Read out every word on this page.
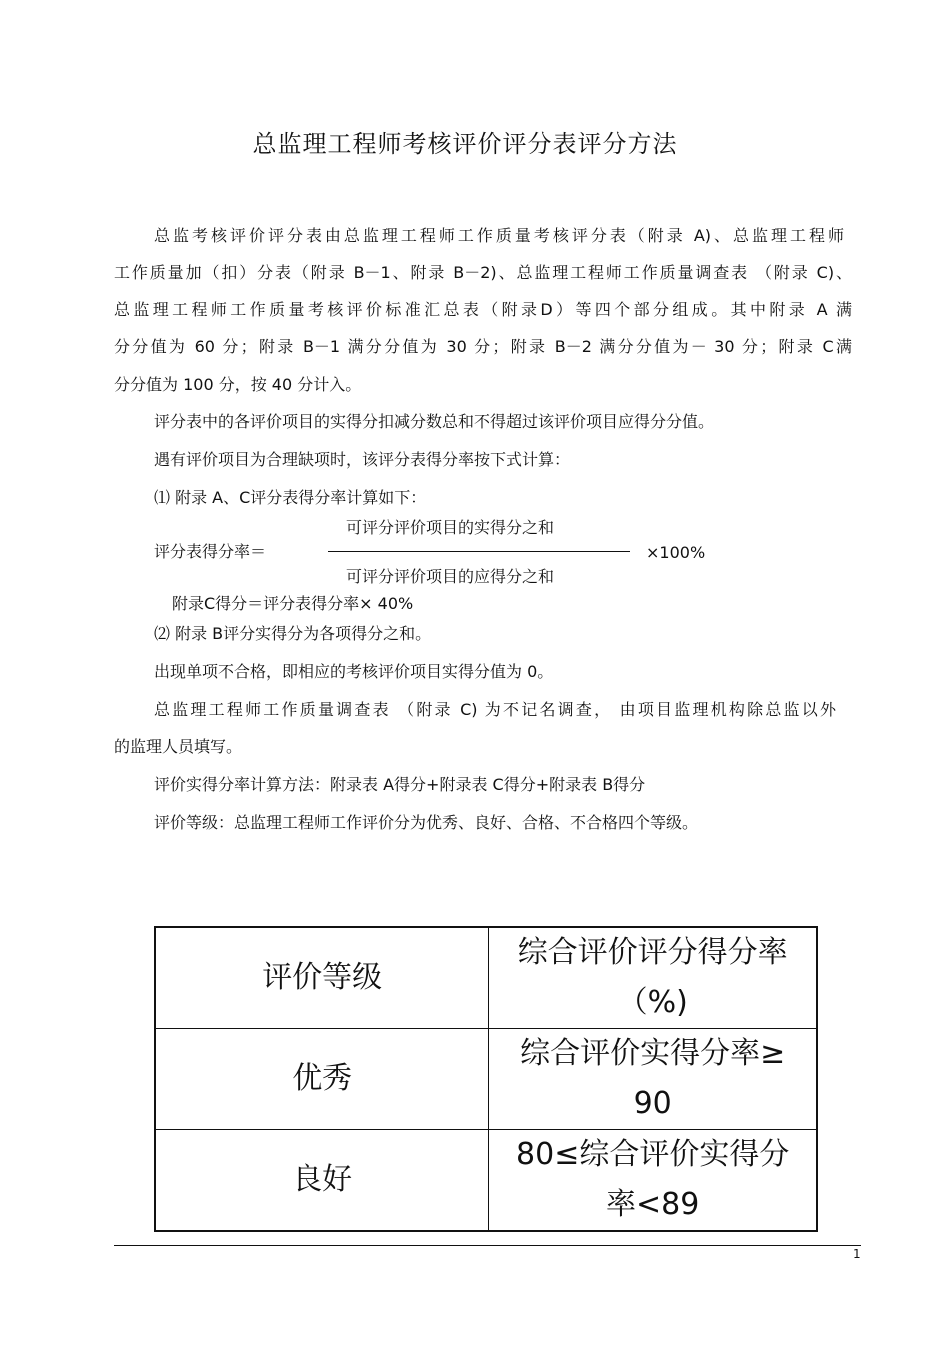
总监理工程师考核评价评分表评分方法
总监考核评价评分表由总监理工程师工作质量考核评分表（附录 A)、总监理工程师
工作质量加（扣）分表（附录 B－1、附录 B－2)、总监理工程师工作质量调查表 （附录 C)、
总监理工程师工作质量考核评价标准汇总表（附录D）等四个部分组成。其中附录 A 满
分分值为 60 分；附录 B－1 满分分值为 30 分；附录 B－2 满分分值为－ 30 分；附录 C满
分分值为 100 分，按 40 分计入。
评分表中的各评价项目的实得分扣减分数总和不得超过该评价项目应得分分值。
遇有评价项目为合理缺项时，该评分表得分率按下式计算：
⑴ 附录 A、C评分表得分率计算如下：
可评分评价项目的实得分之和
评分表得分率＝	×100%
可评分评价项目的应得分之和
附录C得分＝评分表得分率× 40%
⑵ 附录 B评分实得分为各项得分之和。
出现单项不合格，即相应的考核评价项目实得分值为 0。
总监理工程师工作质量调查表 （附录 C) 为不记名调查， 由项目监理机构除总监以外
的监理人员填写。
评价实得分率计算方法：附录表 A得分+附录表 C得分+附录表 B得分
评价等级：总监理工程师工作评价分为优秀、良好、合格、不合格四个等级。
评价等级	综合评价评分得分率
（%)

优秀	综合评价实得分率≥
90

良好	80≤综合评价实得分
率<89
1
